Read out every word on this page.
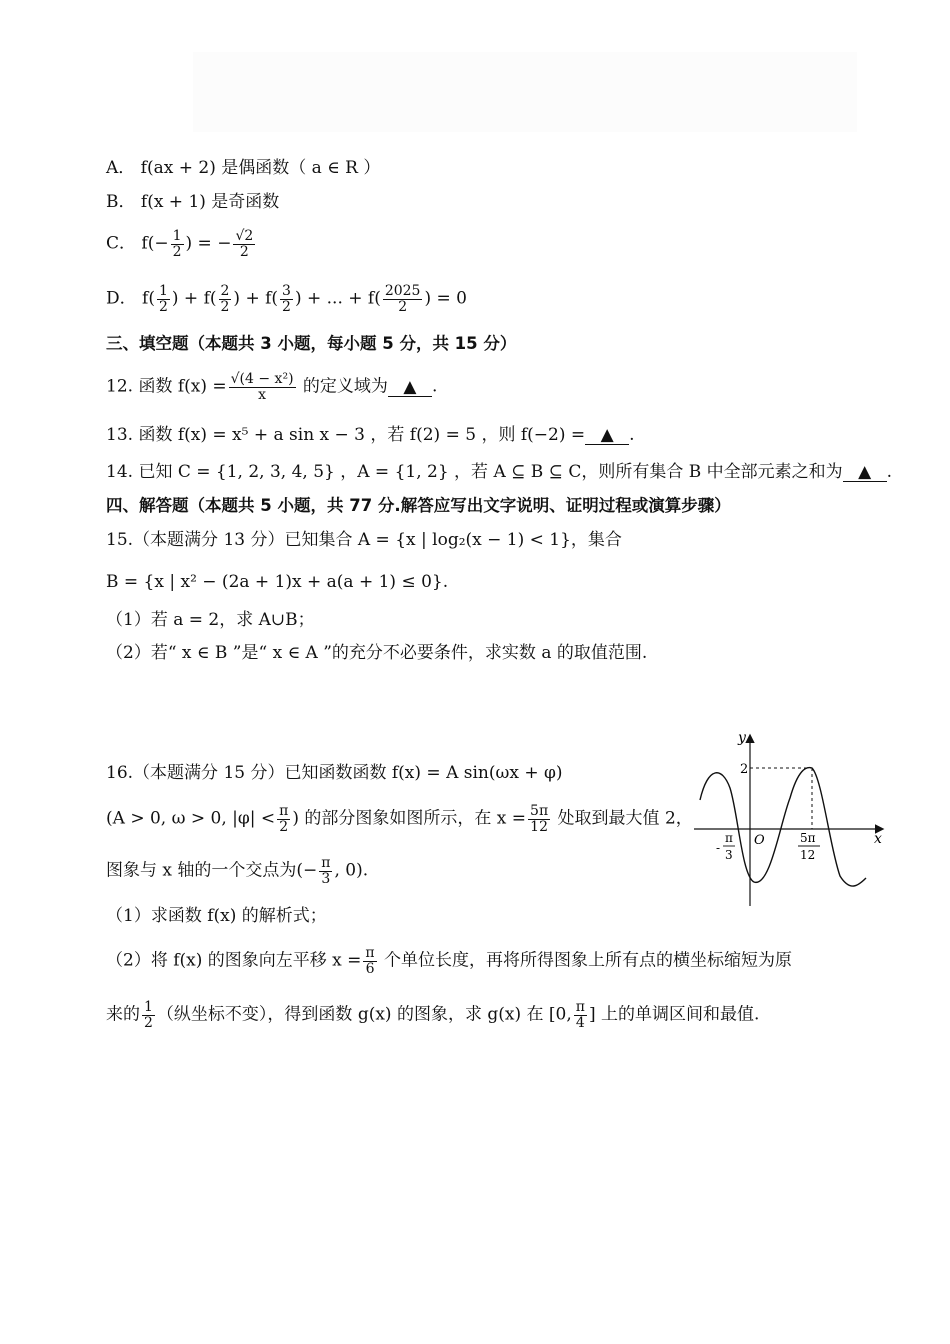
A． f(ax + 2) 是偶函数（ a ∈ R ）
B． f(x + 1) 是奇函数
C． $f(- \frac{1}{2}$ ) = − $\frac{√2}{2}$
D． $f( \frac{1}{2}$ ) + $f( \frac{2}{2}$ ) + $f( \frac{3}{2}$ ) + ... + $f( \frac{2025}{2}$ ) = 0
三、填空题（本题共 3 小题，每小题 5 分，共 15 分）
12. 函数 $f(x) = \frac{\text{√(4 − x²)}}{x}$ 的定义域为 ▲ .
13. 函数 f(x) = x⁵ + a sin x − 3 ，若 f(2) = 5 ，则 f(−2) = ▲ .
14. 已知 C = {1, 2, 3, 4, 5} ，A = {1, 2} ，若 A ⊆ B ⊆ C，则所有集合 B 中全部元素之和为 ▲ .
四、解答题（本题共 5 小题，共 77 分.解答应写出文字说明、证明过程或演算步骤）
15.（本题满分 13 分）已知集合 A = {x | log₂(x − 1) < 1}，集合
B = {x | x² − (2a + 1)x + a(a + 1) ≤ 0}.
（1）若 a = 2，求 A∪B；
（2）若“ x ∈ B ”是“ x ∈ A ”的充分不必要条件，求实数 a 的取值范围.
16.（本题满分 15 分）已知函数函数 f(x) = A sin(ωx + φ)
(A > 0, ω > 0, $|\varphi| < \frac{\pi}{2}$ ) 的部分图象如图所示，在 $x = \frac{5\pi}{12}$ 处取到最大值 2，
图象与 x 轴的一个交点为(− $\frac{\pi}{3}$ , 0).
（1）求函数 f(x) 的解析式；
（2）将 f(x) 的图象向左平移 $x = \frac{\pi}{6}$ 个单位长度，再将所得图象上所有点的横坐标缩短为原
来的 $\frac{1}{2}$ （纵坐标不变），得到函数 g(x) 的图象，求 g(x) 在 [0, $\frac{\pi}{4}$ ] 上的单调区间和最值.
y
x
O
2
-
π
3
5π
12
